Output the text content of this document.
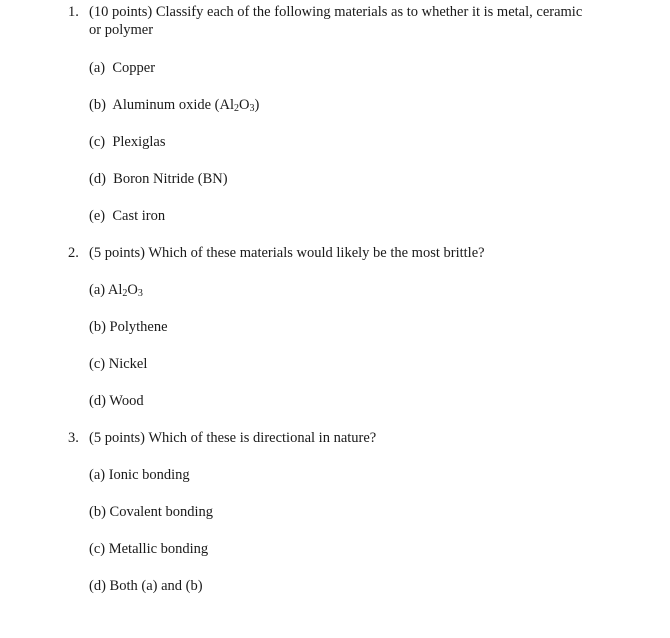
1. (10 points) Classify each of the following materials as to whether it is metal, ceramic
or polymer
(a) Copper
(b) Aluminum oxide $(Al_2O_3)$
(c) Plexiglas
(d) Boron Nitride (BN)
(e) Cast iron
2. (5 points) Which of these materials would likely be the most brittle?
(a) $Al_2O_3$
(b) Polythene
(c) Nickel
(d) Wood
3. (5 points) Which of these is directional in nature?
(a) Ionic bonding
(b) Covalent bonding
(c) Metallic bonding
(d) Both (a) and (b)
